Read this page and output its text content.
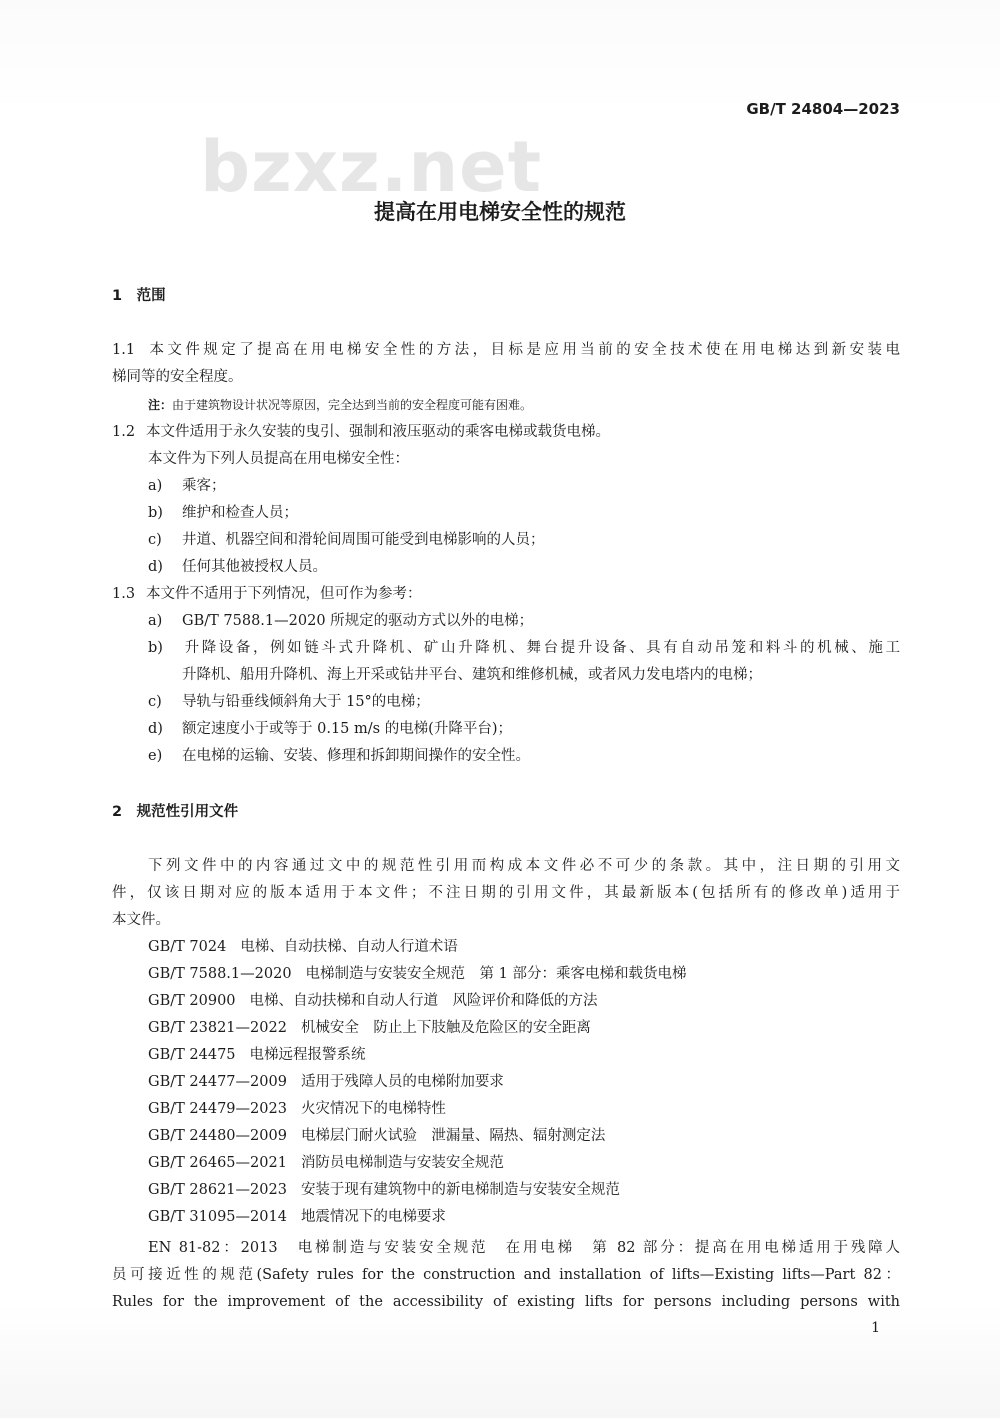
GB/T 24804—2023
bzxz.net
提高在用电梯安全性的规范
1　范围
1.1 本文件规定了提高在用电梯安全性的方法，目标是应用当前的安全技术使在用电梯达到新安装电
梯同等的安全程度。
注：由于建筑物设计状况等原因，完全达到当前的安全程度可能有困难。
1.2 本文件适用于永久安装的曳引、强制和液压驱动的乘客电梯或载货电梯。
本文件为下列人员提高在用电梯安全性：
a) 乘客；
b) 维护和检查人员；
c) 井道、机器空间和滑轮间周围可能受到电梯影响的人员；
d) 任何其他被授权人员。
1.3 本文件不适用于下列情况，但可作为参考：
a) GB/T 7588.1—2020 所规定的驱动方式以外的电梯；
b) 升降设备，例如链斗式升降机、矿山升降机、舞台提升设备、具有自动吊笼和料斗的机械、施工
升降机、船用升降机、海上开采或钻井平台、建筑和维修机械，或者风力发电塔内的电梯；
c) 导轨与铅垂线倾斜角大于 15°的电梯；
d) 额定速度小于或等于 0.15 m/s 的电梯(升降平台)；
e) 在电梯的运输、安装、修理和拆卸期间操作的安全性。
2　规范性引用文件
下列文件中的内容通过文中的规范性引用而构成本文件必不可少的条款。其中，注日期的引用文
件，仅该日期对应的版本适用于本文件；不注日期的引用文件，其最新版本(包括所有的修改单)适用于
本文件。
GB/T 7024 电梯、自动扶梯、自动人行道术语
GB/T 7588.1—2020 电梯制造与安装安全规范　第 1 部分：乘客电梯和载货电梯
GB/T 20900 电梯、自动扶梯和自动人行道　风险评价和降低的方法
GB/T 23821—2022 机械安全　防止上下肢触及危险区的安全距离
GB/T 24475 电梯远程报警系统
GB/T 24477—2009 适用于残障人员的电梯附加要求
GB/T 24479—2023 火灾情况下的电梯特性
GB/T 24480—2009 电梯层门耐火试验　泄漏量、隔热、辐射测定法
GB/T 26465—2021 消防员电梯制造与安装安全规范
GB/T 28621—2023 安装于现有建筑物中的新电梯制造与安装安全规范
GB/T 31095—2014 地震情况下的电梯要求
EN 81-82：2013　电梯制造与安装安全规范　在用电梯　第 82 部分：提高在用电梯适用于残障人
员可接近性的规范(Safety rules for the construction and installation of lifts—Existing lifts—Part 82：
Rules for the improvement of the accessibility of existing lifts for persons including persons with
1
